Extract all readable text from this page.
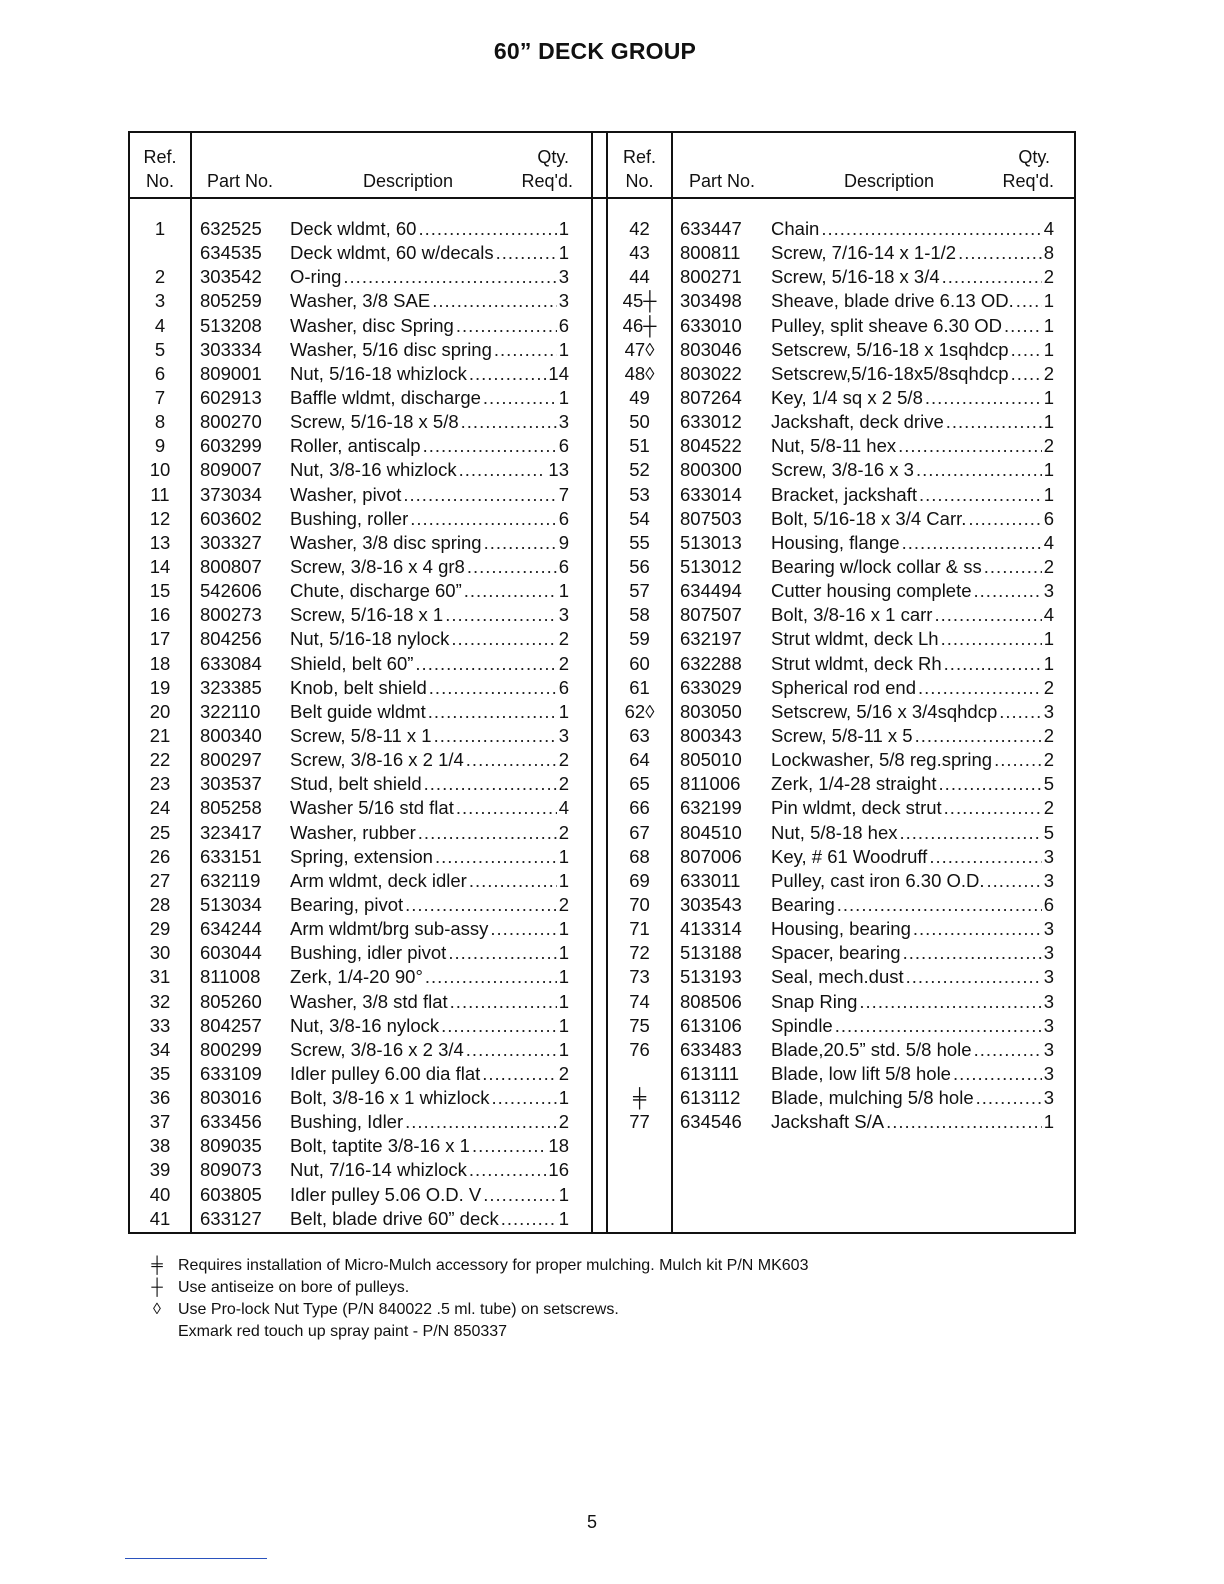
60” DECK GROUP
Ref.
No.	Part No.	Description
Qty.
Req'd.
Ref.
No.	Part No.	Description
Qty.
Req'd.
1	632525 Deck wldmt, 60 .....	1
634535 Deck wldmt, 60 w/decals .....	1
2	303542 O-ring .....	3
3	805259 Washer, 3/8 SAE .....	3
4	513208 Washer, disc Spring .....	6
5	303334 Washer, 5/16 disc spring .....	1
6	809001 Nut, 5/16-18 whizlock .....	14
7	602913 Baffle wldmt, discharge .....	1
8	800270 Screw, 5/16-18 x 5/8 .....	3
9	603299 Roller, antiscalp .....	6
10	809007 Nut, 3/8-16 whizlock .....	13
11	373034 Washer, pivot .....	7
12	603602 Bushing, roller .....	6
13	303327 Washer, 3/8 disc spring .....	9
14	800807 Screw, 3/8-16 x 4 gr8 .....	6
15	542606 Chute, discharge 60” .....	1
16	800273 Screw, 5/16-18 x 1 .....	3
17	804256 Nut, 5/16-18 nylock .....	2
18	633084 Shield, belt 60” .....	2
19	323385 Knob, belt shield .....	6
20	322110 Belt guide wldmt .....	1
21	800340 Screw, 5/8-11 x 1 .....	3
22	800297 Screw, 3/8-16 x 2 1/4 .....	2
23	303537 Stud, belt shield .....	2
24	805258 Washer 5/16 std flat .....	4
25	323417 Washer, rubber .....	2
26	633151 Spring, extension .....	1
27	632119 Arm wldmt, deck idler .....	1
28	513034 Bearing, pivot .....	2
29	634244 Arm wldmt/brg sub-assy .....	1
30	603044 Bushing, idler pivot .....	1
31	811008 Zerk, 1/4-20 90° .....	1
32	805260 Washer, 3/8 std flat .....	1
33	804257 Nut, 3/8-16 nylock .....	1
34	800299 Screw, 3/8-16 x 2 3/4 .....	1
35	633109 Idler pulley 6.00 dia flat .....	2
36	803016 Bolt, 3/8-16 x 1 whizlock .....	1
37	633456 Bushing, Idler .....	2
38	809035 Bolt, taptite 3/8-16 x 1 .....	18
39	809073 Nut, 7/16-14 whizlock .....	16
40	603805 Idler pulley 5.06 O.D. V .....	1
41	633127 Belt, blade drive 60” deck .....	1
42	633447 Chain .....	4
43	800811 Screw, 7/16-14 x 1-1/2 .....	8
44	800271 Screw, 5/16-18 x 3/4 .....	2
45┼	303498 Sheave, blade drive 6.13 OD. ..... 1
46┼	633010 Pulley, split sheave 6.30 OD ..... 1
47◊	803046 Setscrew, 5/16-18 x 1sqhdcp ..... 1
48◊	803022 Setscrew,5/16-18x5/8sqhdcp ..... 2
49	807264 Key, 1/4 sq x 2 5/8 .....	1
50	633012 Jackshaft, deck drive .....	1
51	804522 Nut, 5/8-11 hex .....	2
52	800300 Screw, 3/8-16 x 3 .....	1
53	633014 Bracket, jackshaft .....	1
54	807503 Bolt, 5/16-18 x 3/4 Carr. .....	6
55	513013 Housing, flange .....	4
56	513012 Bearing w/lock collar & ss .....	2
57	634494 Cutter housing complete .....	3
58	807507 Bolt, 3/8-16 x 1 carr .....	4
59	632197 Strut wldmt, deck Lh .....	1
60	632288 Strut wldmt, deck Rh .....	1
61	633029 Spherical rod end .....	2
62◊	803050 Setscrew, 5/16 x 3/4sqhdcp .....	3
63	800343 Screw, 5/8-11 x 5 .....	2
64	805010 Lockwasher, 5/8 reg.spring .....	2
65	811006 Zerk, 1/4-28 straight .....	5
66	632199 Pin wldmt, deck strut .....	2
67	804510 Nut, 5/8-18 hex .....	5
68	807006 Key, # 61 Woodruff .....	3
69	633011 Pulley, cast iron 6.30 O.D. .....	3
70	303543 Bearing .....	6
71	413314 Housing, bearing .....	3
72	513188 Spacer, bearing .....	3
73	513193 Seal, mech.dust .....	3
74	808506 Snap Ring .....	3
75	613106 Spindle .....	3
76	633483 Blade,20.5” std. 5/8 hole .....	3
613111 Blade, low lift 5/8 hole .....	3
╪	613112 Blade, mulching 5/8 hole .....	3
77	634546 Jackshaft S/A .....	1
╪ Requires installation of Micro-Mulch accessory for proper mulching. Mulch kit P/N MK603
┼ Use antiseize on bore of pulleys.
◊	Use Pro-lock Nut Type (P/N 840022 .5 ml. tube) on setscrews.
Exmark red touch up spray paint - P/N 850337
5
